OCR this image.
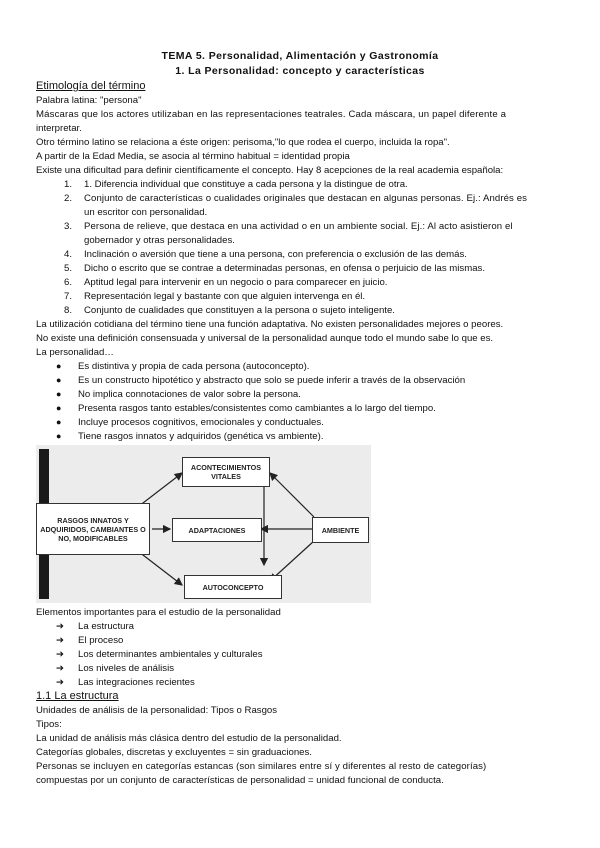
TEMA 5. Personalidad, Alimentación y Gastronomía
1. La Personalidad: concepto y características
Etimología del término
Palabra latina: "persona"
Máscaras que los actores utilizaban en las representaciones teatrales. Cada máscara, un papel diferente a
interpretar.
Otro término latino se relaciona a éste origen: perisoma,"lo que rodea el cuerpo, incluida la ropa".
A partir de la Edad Media, se asocia al término habitual = identidad propia
Existe una dificultad para definir científicamente el concepto. Hay 8 acepciones de la real academia española:
1. 1. Diferencia individual que constituye a cada persona y la distingue de otra.
2. Conjunto de características o cualidades originales que destacan en algunas personas. Ej.: Andrés es
un escritor con personalidad.
3. Persona de relieve, que destaca en una actividad o en un ambiente social. Ej.: Al acto asistieron el
gobernador y otras personalidades.
4. Inclinación o aversión que tiene a una persona, con preferencia o exclusión de las demás.
5. Dicho o escrito que se contrae a determinadas personas, en ofensa o perjuicio de las mismas.
6. Aptitud legal para intervenir en un negocio o para comparecer en juicio.
7. Representación legal y bastante con que alguien intervenga en él.
8. Conjunto de cualidades que constituyen a la persona o sujeto inteligente.
La utilización cotidiana del término tiene una función adaptativa. No existen personalidades mejores o peores.
No existe una definición consensuada y universal de la personalidad aunque todo el mundo sabe lo que es.
La personalidad…
● Es distintiva y propia de cada persona (autoconcepto).
● Es un constructo hipotético y abstracto que solo se puede inferir a través de la observación
● No implica connotaciones de valor sobre la persona.
● Presenta rasgos tanto estables/consistentes como cambiantes a lo largo del tiempo.
● Incluye procesos cognitivos, emocionales y conductuales.
● Tiene rasgos innatos y adquiridos (genética vs ambiente).
RASGOS INNATOS Y ADQUIRIDOS, CAMBIANTES O NO, MODIFICABLES
ACONTECIMIENTOS VITALES
ADAPTACIONES	AMBIENTE
AUTOCONCEPTO
Elementos importantes para el estudio de la personalidad
➔ La estructura
➔ El proceso
➔ Los determinantes ambientales y culturales
➔ Los niveles de análisis
➔ Las integraciones recientes
1.1 La estructura
Unidades de análisis de la personalidad: Tipos o Rasgos
Tipos:
La unidad de análisis más clásica dentro del estudio de la personalidad.
Categorías globales, discretas y excluyentes = sin graduaciones.
Personas se incluyen en categorías estancas (son similares entre sí y diferentes al resto de categorías)
compuestas por un conjunto de características de personalidad = unidad funcional de conducta.
